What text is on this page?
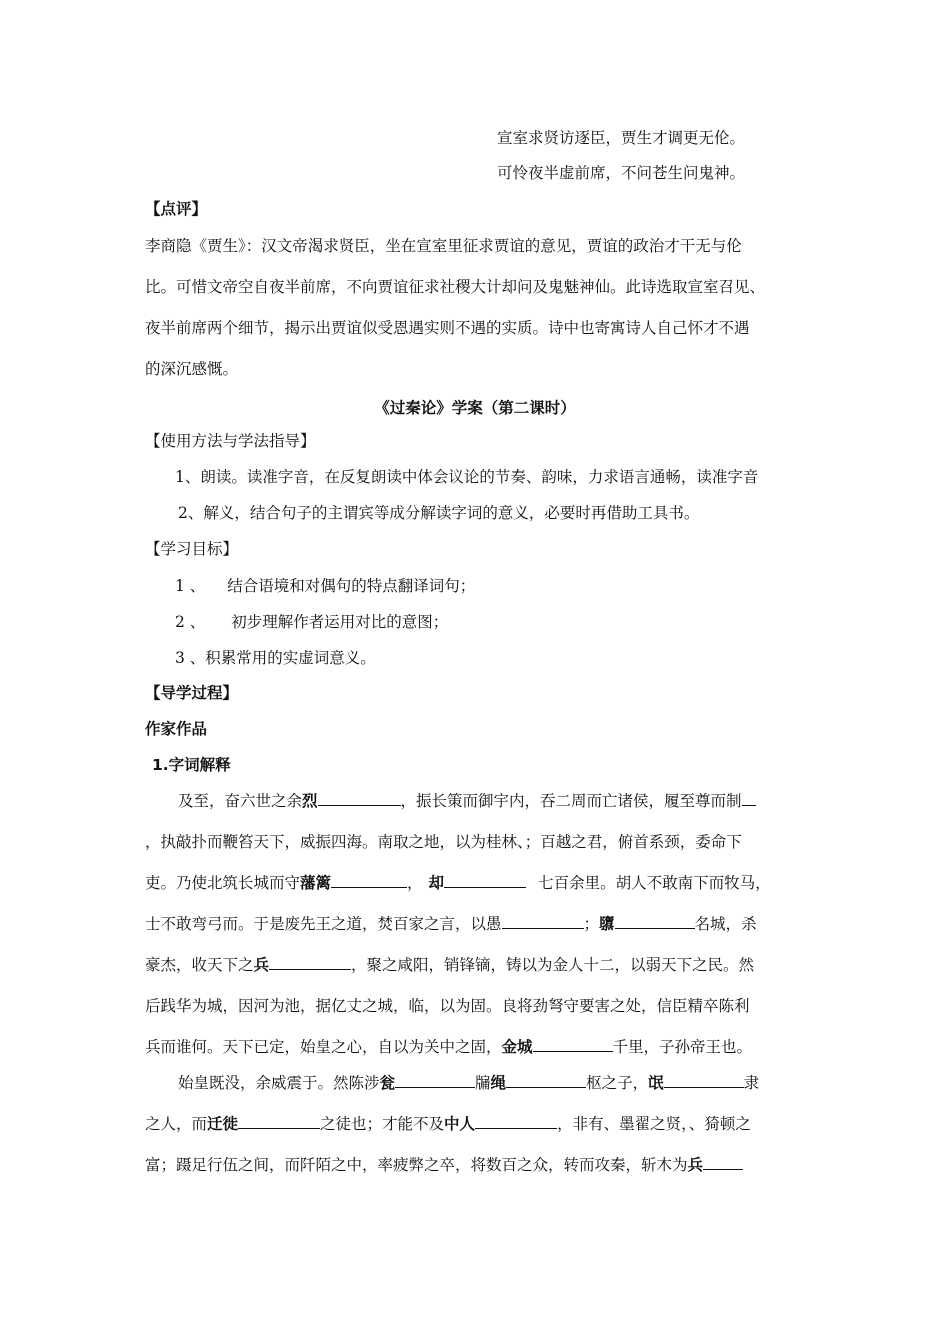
宣室求贤访逐臣，贾生才调更无伦。
可怜夜半虚前席，不问苍生问鬼神。
【点评】
李商隐《贾生》：汉文帝渴求贤臣，坐在宣室里征求贾谊的意见，贾谊的政治才干无与伦
比。可惜文帝空自夜半前席，不向贾谊征求社稷大计却问及鬼魅神仙。此诗选取宣室召见、
夜半前席两个细节，揭示出贾谊似受恩遇实则不遇的实质。诗中也寄寓诗人自己怀才不遇
的深沉感慨。
《过秦论》学案（第二课时）
【使用方法与学法指导】
1、朗读。读准字音，在反复朗读中体会议论的节奏、韵味，力求语言通畅，读准字音
2、解义，结合句子的主谓宾等成分解读字词的意义，必要时再借助工具书。
【学习目标】
1 、 结合语境和对偶句的特点翻译词句；
2 、 初步理解作者运用对比的意图；
3 、积累常用的实虚词意义。
【导学过程】
作家作品
1.字词解释
及至，奋六世之余烈	，振长策而御宇内，吞二周而亡诸侯，履至尊而制
，执敲扑而鞭笞天下，威振四海。南取之地，以为桂林、；百越之君，俯首系颈，委命下
吏。乃使北筑长城而守藩篱	， 却	七百余里。胡人不敢南下而牧马，
士不敢弯弓而。于是废先王之道，焚百家之言，以愚	；隳	名城，杀
豪杰，收天下之兵	，聚之咸阳，销锋镝，铸以为金人十二，以弱天下之民。然
后践华为城，因河为池，据亿丈之城，临，以为固。良将劲弩守要害之处，信臣精卒陈利
兵而谁何。天下已定，始皇之心，自以为关中之固，金城	千里，子孙帝王也。
始皇既没，余威震于。然陈涉瓮	牖绳	枢之子，氓	隶
之人，而迁徙	之徒也；才能不及中人	，非有、墨翟之贤，、猗顿之
富；蹑足行伍之间，而阡陌之中，率疲弊之卒，将数百之众，转而攻秦，斩木为兵
